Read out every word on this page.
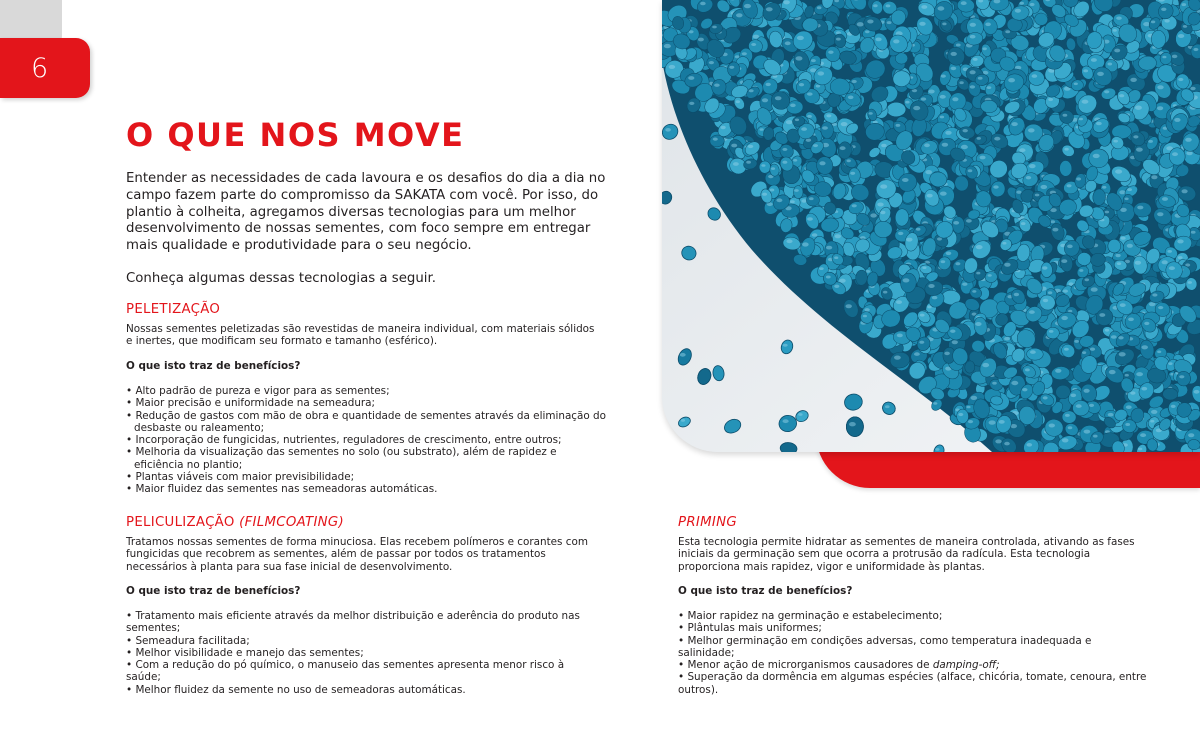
6
O QUE NOS MOVE

Entender as necessidades de cada lavoura e os desafios do dia a dia no campo fazem parte do compromisso da SAKATA com você. Por isso, do plantio à colheita, agregamos diversas tecnologias para um melhor desenvolvimento de nossas sementes, com foco sempre em entregar mais qualidade e produtividade para o seu negócio.

Conheça algumas dessas tecnologias a seguir.

PELETIZAÇÃO

Nossas sementes peletizadas são revestidas de maneira individual, com materiais sólidos e inertes, que modificam seu formato e tamanho (esférico).

O que isto traz de benefícios?

• Alto padrão de pureza e vigor para as sementes;
• Maior precisão e uniformidade na semeadura;
• Redução de gastos com mão de obra e quantidade de sementes através da eliminação do desbaste ou raleamento;
• Incorporação de fungicidas, nutrientes, reguladores de crescimento, entre outros;
• Melhoria da visualização das sementes no solo (ou substrato), além de rapidez e eficiência no plantio;
• Plantas viáveis com maior previsibilidade;
• Maior fluidez das sementes nas semeadoras automáticas.
PELICULIZAÇÃO (FILMCOATING)

Tratamos nossas sementes de forma minuciosa. Elas recebem polímeros e corantes com fungicidas que recobrem as sementes, além de passar por todos os tratamentos necessários à planta para sua fase inicial de desenvolvimento.

O que isto traz de benefícios?

• Tratamento mais eficiente através da melhor distribuição e aderência do produto nas sementes;
• Semeadura facilitada;
• Melhor visibilidade e manejo das sementes;
• Com a redução do pó químico, o manuseio das sementes apresenta menor risco à saúde;
• Melhor fluidez da semente no uso de semeadoras automáticas.
PRIMING

Esta tecnologia permite hidratar as sementes de maneira controlada, ativando as fases iniciais da germinação sem que ocorra a protrusão da radícula. Esta tecnologia proporciona mais rapidez, vigor e uniformidade às plantas.

O que isto traz de benefícios?

• Maior rapidez na germinação e estabelecimento;
• Plântulas mais uniformes;
• Melhor germinação em condições adversas, como temperatura inadequada e salinidade;
• Menor ação de microrganismos causadores de damping-off;
• Superação da dormência em algumas espécies (alface, chicória, tomate, cenoura, entre outros).
